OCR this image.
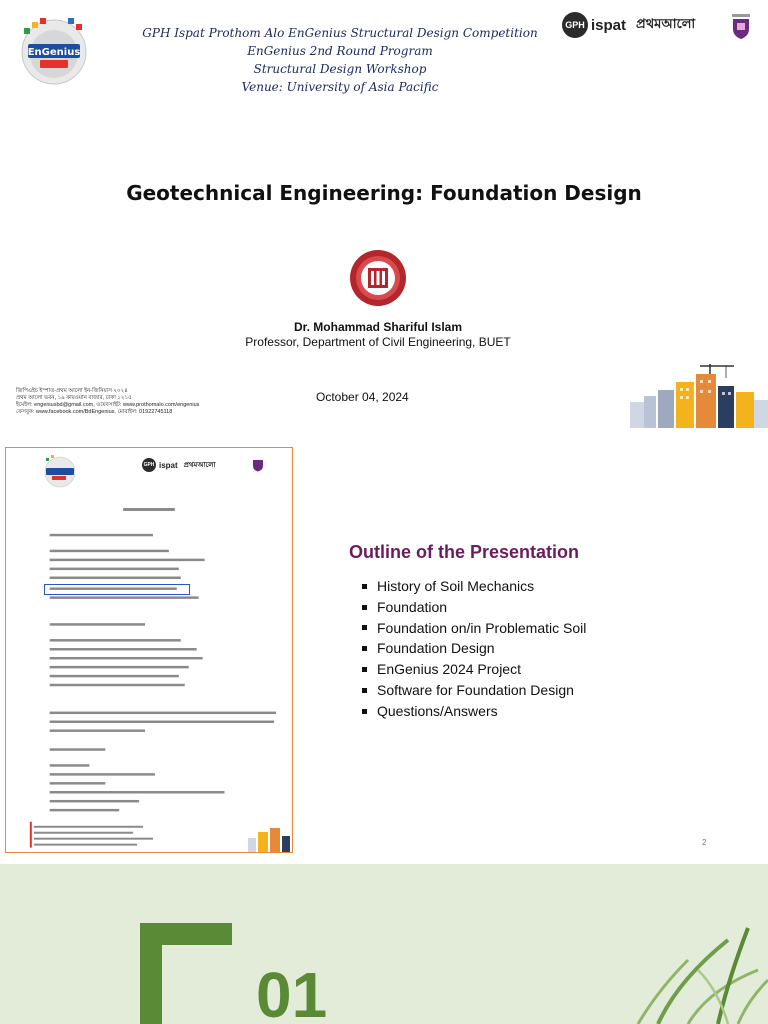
EnGenius
GPH Ispat Prothom Alo EnGenius Structural Design Competition
EnGenius 2nd Round Program
Structural Design Workshop
Venue: University of Asia Pacific
GPH ispat প্রথমআলো
Geotechnical Engineering: Foundation Design
Dr. Mohammad Shariful Islam
Professor, Department of Civil Engineering, BUET
জিপিএইচ ইস্পাত-প্রথম আলো ইন-জিনিয়াস ২০২৪
প্রথম আলো ভবন, ১৯ কারওয়ান বাজার, ঢাকা ১২১৫
ইমেইল: engeniusbd@gmail.com, ওয়েবসাইট: www.prothomalo.com/engenius
ফেসবুক: www.facebook.com/BdEngenius, মোবাইল: 01922745118
October 04, 2024
GPH ispat প্রথমআলো
Outline of the Presentation
History of Soil Mechanics
Foundation
Foundation on/in Problematic Soil
Foundation Design
EnGenius 2024 Project
Software for Foundation Design
Questions/Answers
2
01
